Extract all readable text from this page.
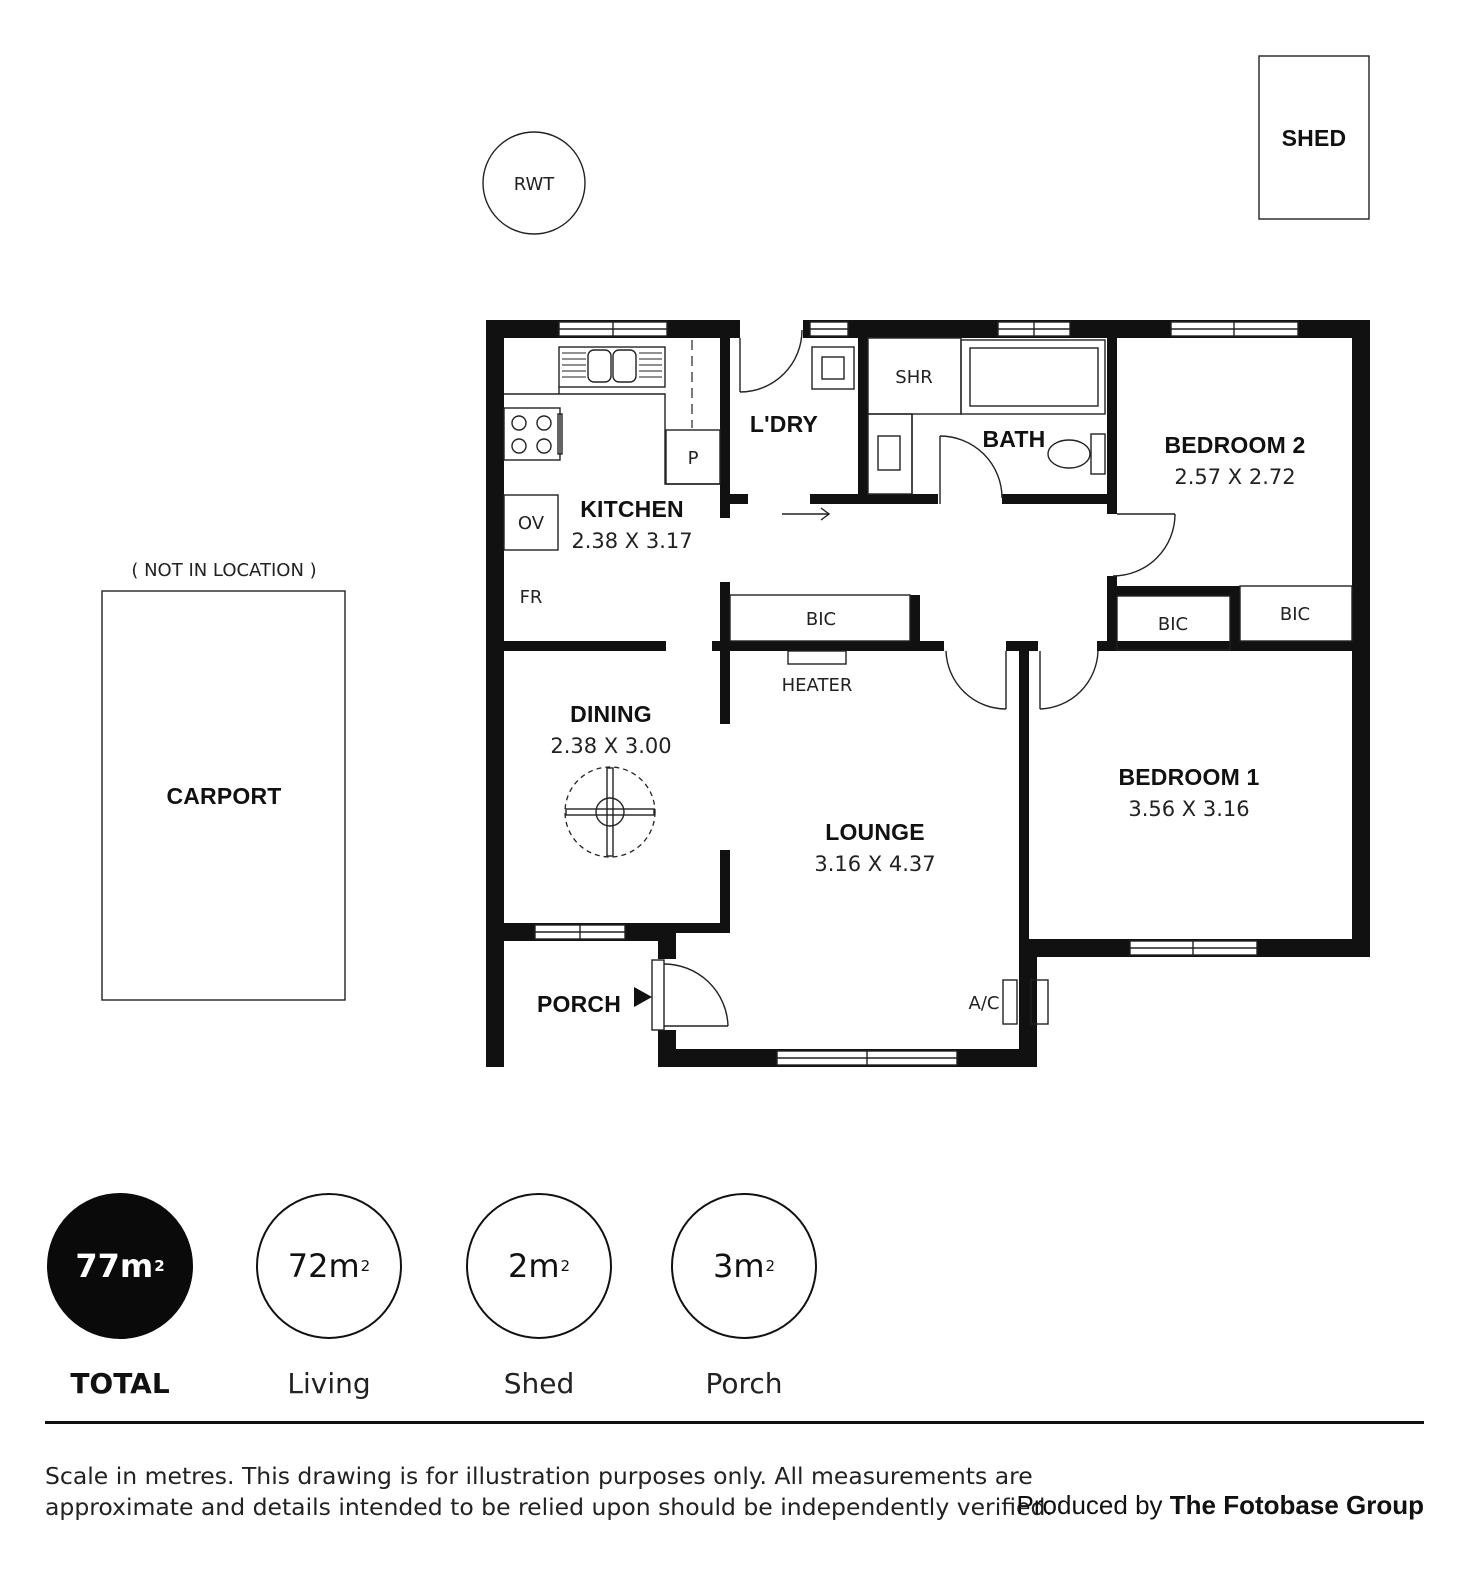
RWT
SHED
( NOT IN LOCATION )
CARPORT
P
OV
FR
SHR
BIC	BIC	BIC
HEATER
A/C
KITCHEN
2.38 X 3.17
L'DRY
BATH	BEDROOM 2
2.57 X 2.72
DINING
2.38 X 3.00
LOUNGE
3.16 X 4.37
BEDROOM 1
3.56 X 3.16
PORCH
77m 2
TOTAL
72m 2
Living
2m 2
Shed
3m 2
Porch
Scale in metres. This drawing is for illustration purposes only. All measurements are approximate and details intended to be relied upon should be independently verified.
Produced by The Fotobase Group
